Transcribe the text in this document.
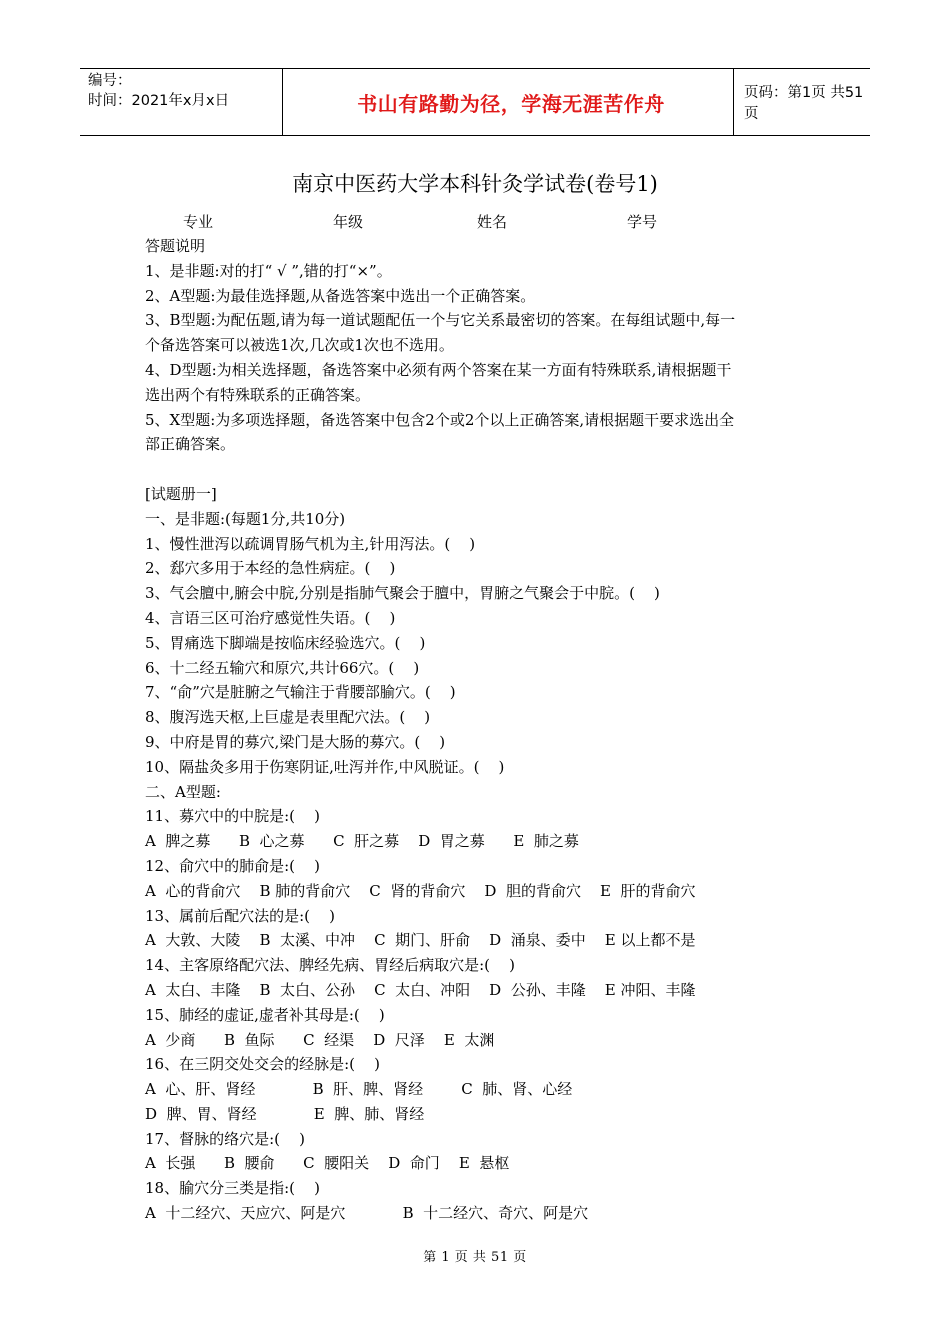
编号：
时间：2021年x月x日	书山有路勤为径，学海无涯苦作舟	页码：第1页 共51页
南京中医药大学本科针灸学试卷(卷号1)
专业	年级	姓名	学号
答题说明
1、是非题:对的打“ √ ”,错的打“×”。
2、A型题:为最佳选择题,从备选答案中选出一个正确答案。
3、B型题:为配伍题,请为每一道试题配伍一个与它关系最密切的答案。在每组试题中,每一
个备选答案可以被选1次,几次或1次也不选用。
4、D型题:为相关选择题，备选答案中必须有两个答案在某一方面有特殊联系,请根据题干
选出两个有特殊联系的正确答案。
5、X型题:为多项选择题，备选答案中包含2个或2个以上正确答案,请根据题干要求选出全
部正确答案。
[试题册一]
一、是非题:(每题1分,共10分)
1、慢性泄泻以疏调胃肠气机为主,针用泻法。(    )
2、郄穴多用于本经的急性病症。(    )
3、气会膻中,腑会中脘,分别是指肺气聚会于膻中，胃腑之气聚会于中脘。(    )
4、言语三区可治疗感觉性失语。(    )
5、胃痛选下脚端是按临床经验选穴。(    )
6、十二经五输穴和原穴,共计66穴。(    )
7、“俞”穴是脏腑之气输注于背腰部腧穴。(    )
8、腹泻选天枢,上巨虚是表里配穴法。(    )
9、中府是胃的募穴,梁门是大肠的募穴。(    )
10、隔盐灸多用于伤寒阴证,吐泻并作,中风脱证。(    )
二、A型题:
11、募穴中的中脘是:(    )
A  脾之募      B  心之募      C  肝之募    D  胃之募      E  肺之募
12、俞穴中的肺俞是:(    )
A  心的背俞穴    B 肺的背俞穴    C  肾的背俞穴    D  胆的背俞穴    E  肝的背俞穴
13、属前后配穴法的是:(    )
A  大敦、大陵    B  太溪、中冲    C  期门、肝俞    D  涌泉、委中    E 以上都不是
14、主客原络配穴法、脾经先病、胃经后病取穴是:(    )
A  太白、丰隆    B  太白、公孙    C  太白、冲阳    D  公孙、丰隆    E 冲阳、丰隆
15、肺经的虚证,虚者补其母是:(    )
A  少商      B  鱼际      C  经渠    D  尺泽    E  太渊
16、在三阴交处交会的经脉是:(    )
A  心、肝、肾经            B  肝、脾、肾经        C  肺、肾、心经
D  脾、胃、肾经            E  脾、肺、肾经
17、督脉的络穴是:(    )
A  长强      B  腰俞      C  腰阳关    D  命门    E  悬枢
18、腧穴分三类是指:(    )
A  十二经穴、天应穴、阿是穴            B  十二经穴、奇穴、阿是穴
第 1 页 共 51 页
